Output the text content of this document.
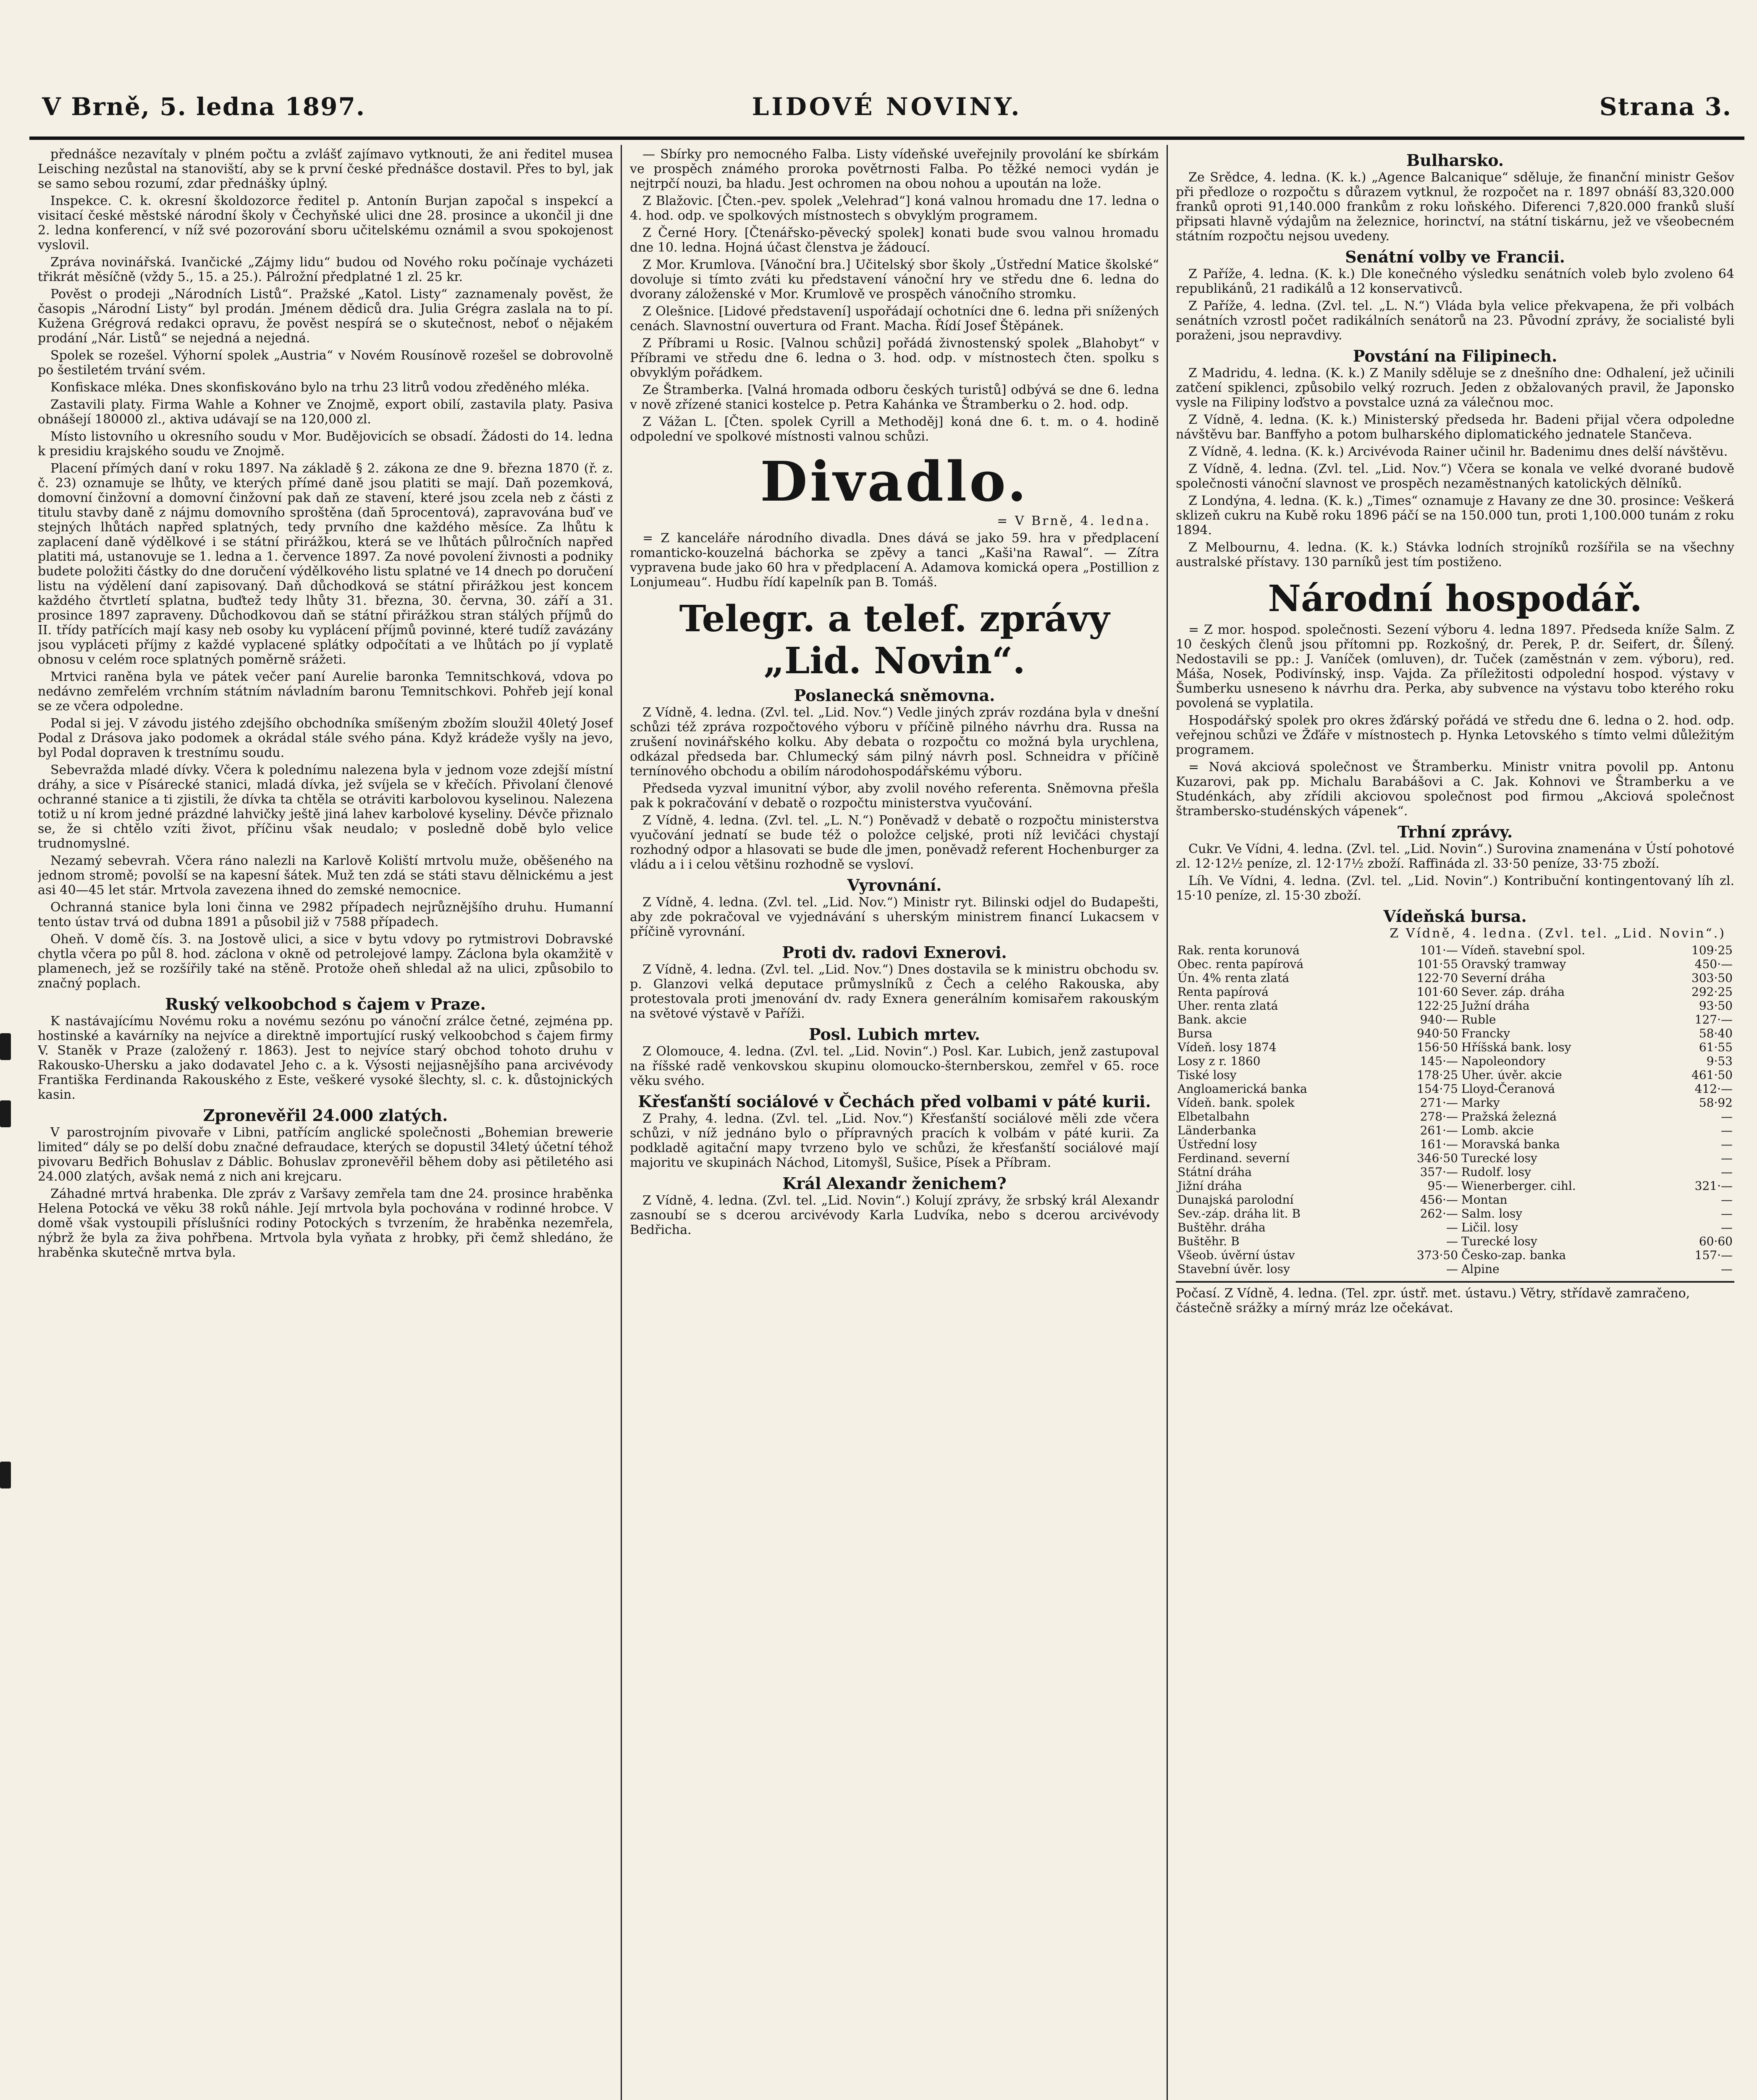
V Brně, 5. ledna 1897.	LIDOVÉ NOVINY.	Strana 3.

přednášce nezavítaly v plném počtu a zvlášť zajímavo vytknouti, že ani ředitel musea Leisching nezůstal na stanoviští, aby se k první české přednášce dostavil. Přes to byl, jak se samo sebou rozumí, zdar přednášky úplný.

Inspekce. C. k. okresní školdozorce ředitel p. Antonín Burjan započal s inspekcí a visitací české městské národní školy v Čechyňské ulici dne 28. prosince a ukončil ji dne 2. ledna konferencí, v níž své pozorování sboru učitelskému oznámil a svou spokojenost vyslovil.

Zpráva novinářská. Ivančické „Zájmy lidu“ budou od Nového roku počínaje vycházeti třikrát měsíčně (vždy 5., 15. a 25.). Pálrožní předplatné 1 zl. 25 kr.

Pověst o prodeji „Národních Listů“. Pražské „Katol. Listy“ zaznamenaly pověst, že časopis „Národní Listy“ byl prodán. Jménem dědiců dra. Julia Grégra zaslala na to pí. Kuženа Grégrová redakci opravu, že pověst nespírá se o skutečnost, neboť o nějakém prodání „Nár. Listů“ se nejedná a nejedná.

Spolek se rozešel. Výhorní spolek „Austria“ v Novém Rousínově rozešel se dobrovolně po šestiletém trvání svém.

Konfiskace mléka. Dnes skonfiskováno bylo na trhu 23 litrů vodou zředěného mléka.

Zastavili platy. Firma Wahle a Kohner ve Znojmě, export obilí, zastavila platy. Pasiva obnášejí 180000 zl., aktiva udávají se na 120,000 zl.

Místo listovního u okresního soudu v Mor. Budějovicích se obsadí. Žádosti do 14. ledna k presidiu krajského soudu ve Znojmě.

Placení přímých daní v roku 1897. Na základě § 2. zákona ze dne 9. března 1870 (ř. z. č. 23) oznamuje se lhůty, ve kterých přímé daně jsou platiti se mají. Daň pozemková, domovní činžovní a domovní činžovní pak daň ze stavení, které jsou zcela neb z části z titulu stavby daně z nájmu domovního sproštěna (daň 5procentová), zapravována buď ve stejných lhůtách napřed splatných, tedy prvního dne každého měsíce. Za lhůtu k zaplacení daně výdělkové i se státní přirážkou, která se ve lhůtách půlročních napřed platiti má, ustanovuje se 1. ledna a 1. července 1897. Za nové povolení živnosti a podniky budete položiti částky do dne doručení výdělkového listu splatné ve 14 dnech po doručení listu na výdělení daní zapisovaný. Daň důchodková se státní přirážkou jest koncem každého čtvrtletí splatna, buďtež tedy lhůty 31. března, 30. června, 30. září a 31. prosince 1897 zapraveny. Důchodkovou daň se státní přirážkou stran stálých příjmů do II. třídy patřících mají kasy neb osoby ku vyplácení příjmů povinné, které tudíž zavázány jsou vypláceti příjmy z každé vyplacené splátky odpočítati a ve lhůtách po jí vyplatě obnosu v celém roce splatných poměrně srážeti.

Mrtvici raněna byla ve pátek večer paní Aurelie baronka Temnitschková, vdova po nedávno zemřelém vrchním státním návladním baronu Temnitschkovi. Pohřeb její konal se ze včera odpoledne.

Podal si jej. V závodu jistého zdejšího obchodníka smíšeným zbožím sloužil 40letý Josef Podal z Drásova jako podomek a okrádal stále svého pána. Když krádeže vyšly na jevo, byl Podal dopraven k trestnímu soudu.

Sebevražda mladé dívky. Včera k polednímu nalezena byla v jednom voze zdejší místní dráhy, a sice v Písárecké stanici, mladá dívka, jež svíjela se v křečích. Přivolaní členové ochranné stanice a ti zjistili, že dívka ta chtěla se otráviti karbolovou kyselinou. Nalezena totiž u ní krom jedné prázdné lahvičky ještě jiná lahev karbolové kyseliny. Dévče přiznalo se, že si chtělo vzíti život, příčinu však neudalo; v posledně době bylo velice trudnomyslné.

Nezamý sebevrah. Včera ráno nalezli na Karlově Koliští mrtvolu muže, oběšeného na jednom stromě; povolší se na kapesní šátek. Muž ten zdá se státi stavu dělnickému a jest asi 40—45 let stár. Mrtvola zavezena ihned do zemské nemocnice.

Ochranná stanice byla loni činna ve 2982 případech nejrůznějšího druhu. Humanní tento ústav trvá od dubna 1891 a působil již v 7588 případech.

Oheň. V domě čís. 3. na Jostově ulici, a sice v bytu vdovy po rytmistrovi Dobravské chytla včera po půl 8. hod. záclona v okně od petrolejové lampy. Záclona byla okamžitě v plamenech, jež se rozšířily také na stěně. Protože oheň shledal až na ulici, způsobilo to značný poplach.

Ruský velkoobchod s čajem v Praze.

K nastávajícímu Novému roku a novému sezónu po vánoční zrálce četné, zejména pp. hostinské a kavárníky na nejvíce a direktně importující ruský velkoobchod s čajem firmy V. Staněk v Praze (založený r. 1863). Jest to nejvíce starý obchod tohoto druhu v Rakousko-Uhersku a jako dodavatel Jeho c. a k. Výsosti nejjasnějšího pana arcivévody Františka Ferdinanda Rakouského z Este, veškeré vysoké šlechty, sl. c. k. důstojnických kasin.

Zpronevěřil 24.000 zlatých.

V parostrojním pivovaře v Libni, patřícím anglické společnosti „Bohemian brewerie limited“ dály se po delší dobu značné defraudace, kterých se dopustil 34letý účetní téhož pivovaru Bedřich Bohuslav z Dáblic. Bohuslav zpronevěřil během doby asi pětiletého asi 24.000 zlatých, avšak nemá z nich ani krejcaru.

Záhadné mrtvá hrabenka. Dle zpráv z Varšavy zemřela tam dne 24. prosince hraběnka Helena Potocká ve věku 38 roků náhle. Její mrtvola byla pochována v rodinné hrobce. V domě však vystoupili příslušníci rodiny Potockých s tvrzením, že hraběnka nezemřela, nýbrž že byla za živa pohřbena. Mrtvola byla vyňata z hrobky, při čemž shledáno, že hraběnka skutečně mrtva byla.

— Sbírky pro nemocného Falba. Listy vídeňské uveřejnily provolání ke sbírkám ve prospěch známého proroka povětrnosti Falba. Po těžké nemoci vydán je nejtrpčí nouzi, ba hladu. Jest ochromen na obou nohou a upoután na lože.

Z Blažovic. [Čten.-pev. spolek „Velehrad“] koná valnou hromadu dne 17. ledna o 4. hod. odp. ve spolkových místnostech s obvyklým programem.

Z Černé Hory. [Čtenářsko-pěvecký spolek] konati bude svou valnou hromadu dne 10. ledna. Hojná účast členstva je žádoucí.

Z Mor. Krumlova. [Vánoční bra.] Učitelský sbor školy „Ústřední Matice školské“ dovoluje si tímto zváti ku představení vánoční hry ve středu dne 6. ledna do dvorany záloženské v Mor. Krumlově ve prospěch vánočního stromku.

Z Olešnice. [Lidové představení] uspořádají ochotníci dne 6. ledna při snížených cenách. Slavnostní ouvertura od Frant. Macha. Řídí Josef Štěpánek.

Z Příbrami u Rosic. [Valnou schůzi] pořádá živnostenský spolek „Blahobyt“ v Příbrami ve středu dne 6. ledna o 3. hod. odp. v místnostech čten. spolku s obvyklým pořádkem.

Ze Štramberka. [Valná hromada odboru českých turistů] odbývá se dne 6. ledna v nově zřízené stanici kostelce p. Petra Kahánka ve Štramberku o 2. hod. odp.

Z Vážan L. [Čten. spolek Cyrill a Methoděj] koná dne 6. t. m. o 4. hodině odpolední ve spolkové místnosti valnou schůzi.

Divadlo.
= V Brně, 4. ledna.

= Z kanceláře národního divadla. Dnes dává se jako 59. hra v předplacení romanticko-kouzelná báchorka se zpěvy a tanci „Kaši'na Rawal“. — Zítra vypravena bude jako 60 hra v předplacení A. Adamova komická opera „Postillion z Lonjumeau“. Hudbu řídí kapelník pan B. Tomáš.

Telegr. a telef. zprávy „Lid. Novin“.
Poslanecká sněmovna.

Z Vídně, 4. ledna. (Zvl. tel. „Lid. Nov.“) Vedle jiných zpráv rozdána byla v dnešní schůzi též zpráva rozpočtového výboru v příčině pilného návrhu dra. Russa na zrušení novinářského kolku. Aby debata o rozpočtu co možná byla urychlena, odkázal předseda bar. Chlumecký sám pilný návrh posl. Schneidra v příčině ternínového obchodu a obilím národohospodářskému výboru.

Předseda vyzval imunitní výbor, aby zvolil nového referenta. Sněmovna přešla pak k pokračování v debatě o rozpočtu ministerstva vyučování.

Z Vídně, 4. ledna. (Zvl. tel. „L. N.“) Poněvadž v debatě o rozpočtu ministerstva vyučování jednatí se bude též o položce celjské, proti níž levičáci chystají rozhodný odpor a hlasovati se bude dle jmen, poněvadž referent Hochenburger za vládu a i i celou většinu rozhodně se vysloví.

Vyrovnání.

Z Vídně, 4. ledna. (Zvl. tel. „Lid. Nov.“) Ministr ryt. Bilinski odjel do Budapešti, aby zde pokračoval ve vyjednávání s uherským ministrem financí Lukacsem v příčině vyrovnání.

Proti dv. radovi Exnerovi.

Z Vídně, 4. ledna. (Zvl. tel. „Lid. Nov.“) Dnes dostavila se k ministru obchodu sv. p. Glanzovi velká deputace průmyslníků z Čech a celého Rakouska, aby protestovala proti jmenování dv. rady Exnera generálním komisařem rakouským na světové výstavě v Paříži.

Posl. Lubich mrtev.

Z Olomouce, 4. ledna. (Zvl. tel. „Lid. Novin“.) Posl. Kar. Lubich, jenž zastupoval na říšské radě venkovskou skupinu olomoucko-šternberskou, zemřel v 65. roce věku svého.

Křesťanští sociálové v Čechách před volbami v páté kurii.

Z Prahy, 4. ledna. (Zvl. tel. „Lid. Nov.“) Křesťanští sociálové měli zde včera schůzi, v níž jednáno bylo o přípravných pracích k volbám v páté kurii. Za podkladě agitační mapy tvrzeno bylo ve schůzi, že křesťanští sociálové mají majoritu ve skupinách Náchod, Litomyšl, Sušice, Písek a Příbram.

Král Alexandr ženichem?

Z Vídně, 4. ledna. (Zvl. tel. „Lid. Novin“.) Kolují zprávy, že srbský král Alexandr zasnoubí se s dcerou arcivévody Karla Ludvíka, nebo s dcerou arcivévody Bedřicha.

Bulharsko.

Ze Srědce, 4. ledna. (K. k.) „Agence Balcanique“ sděluje, že finanční ministr Gešov při předloze o rozpočtu s důrazem vytknul, že rozpočet na r. 1897 obnáší 83,320.000 franků oproti 91,140.000 frankům z roku loňského. Diferenci 7,820.000 franků sluší připsati hlavně výdajům na železnice, horinctví, na státní tiskárnu, jež ve všeobecném státním rozpočtu nejsou uvedeny.

Senátní volby ve Francii.

Z Paříže, 4. ledna. (K. k.) Dle konečného výsledku senátních voleb bylo zvoleno 64 republikánů, 21 radikálů a 12 konservativců.

Z Paříže, 4. ledna. (Zvl. tel. „L. N.“) Vláda byla velice překvapena, že při volbách senátních vzrostl počet radikálních senátorů na 23. Původní zprávy, že socialisté byli poraženi, jsou nepravdivy.

Povstání na Filipinech.

Z Madridu, 4. ledna. (K. k.) Z Manily sděluje se z dnešního dne: Odhalení, jež učinili zatčení spiklenci, způsobilo velký rozruch. Jeden z obžalovaných pravil, že Japonsko vysle na Filipiny loďstvo a povstalce uzná za válečnou moc.

Z Vídně, 4. ledna. (K. k.) Ministerský předseda hr. Badeni přijal včera odpoledne návštěvu bar. Banffyho a potom bulharského diplomatického jednatele Stančeva.

Z Vídně, 4. ledna. (K. k.) Arcivévoda Rainer učinil hr. Badenimu dnes delší návštěvu.

Z Vídně, 4. ledna. (Zvl. tel. „Lid. Nov.“) Včera se konala ve velké dvorané budově společnosti vánoční slavnost ve prospěch nezaměstnaných katolických dělníků.

Z Londýna, 4. ledna. (K. k.) „Times“ oznamuje z Havany ze dne 30. prosince: Veškerá sklizeň cukru na Kubě roku 1896 páčí se na 150.000 tun, proti 1,100.000 tunám z roku 1894.

Z Melbournu, 4. ledna. (K. k.) Stávka lodních strojníků rozšířila se na všechny australské přístavy. 130 parníků jest tím postiženo.

Národní hospodář.

= Z mor. hospod. společnosti. Sezení výboru 4. ledna 1897. Předseda kníže Salm. Z 10 českých členů jsou přítomni pp. Rozkošný, dr. Perek, P. dr. Seifert, dr. Šílený. Nedostavili se pp.: J. Vaníček (omluven), dr. Tuček (zaměstnán v zem. výboru), red. Máša, Nosek, Podivínský, insp. Vajda. Za příležitosti odpolední hospod. výstavy v Šumberku usneseno k návrhu dra. Perka, aby subvence na výstavu tobo kterého roku povolená se vyplatila.

Hospodářský spolek pro okres žďárský pořádá ve středu dne 6. ledna o 2. hod. odp. veřejnou schůzi ve Žďáře v místnostech p. Hynka Letovského s tímto velmi důležitým programem.

= Nová akciová společnost ve Štramberku. Ministr vnitra povolil pp. Antonu Kuzarovi, pak pp. Michalu Barabášovi a C. Jak. Kohnovi ve Štramberku a ve Studénkách, aby zřídili akciovou společnost pod firmou „Akciová společnost štrambersko-studénských vápenek“.

Trhní zprávy.

Cukr. Ve Vídni, 4. ledna. (Zvl. tel. „Lid. Novin“.) Surovina znamenána v Ústí pohotové zl. 12·12½ peníze, zl. 12·17½ zboží. Raffináda zl. 33·50 peníze, 33·75 zboží.

Líh. Ve Vídni, 4. ledna. (Zvl. tel. „Lid. Novin“.) Kontribuční kontingentovaný líh zl. 15·10 peníze, zl. 15·30 zboží.

Vídeňská bursa.
Z Vídně, 4. ledna. (Zvl. tel. „Lid. Novin“.)
Rak. renta korunová	101·—	Vídeň. stavební spol.	109·25
Obec. renta papírová	101·55	Oravský tramway	450·—
Ún. 4% renta zlatá	122·70	Severní dráha	303·50
Renta papírová	101·60	Sever. záp. dráha	292·25
Uher. renta zlatá	122·25	Južní dráha	93·50
Bank. akcie	940·—	Ruble	127·—
Bursa	940·50	Francky	58·40
Vídeň. losy 1874	156·50	Hříšská bank. losy	61·55
Losy z r. 1860	145·—	Napoleondory	9·53
Tiské losy	178·25	Uher. úvěr. akcie	461·50
Angloamerická banka	154·75	Lloyd-Čeranová	412·—
Vídeň. bank. spolek	271·—	Marky	58·92
Elbetalbahn	278·—	Pražská železná	—
Länderbanka	261·—	Lomb. akcie	—
Ústřední losy	161·—	Moravská banka	—
Ferdinand. severní	346·50	Turecké losy	—
Státní dráha	357·—	Rudolf. losy	—
Jižní dráha	95·—	Wienerberger. cihl.	321·—
Dunajská parolodní	456·—	Montan	—
Sev.-záp. dráha lit. B	262·—	Salm. losy	—
Buštěhr. dráha	—	Ličil. losy	—
Buštěhr. B	—	Turecké losy	60·60
Všeob. úvěrní ústav	373·50	Česko-zap. banka	157·—
Stavební úvěr. losy	—	Alpine	—
Počasí. Z Vídně, 4. ledna. (Tel. zpr. ústř. met. ústavu.) Větry, střídavě zamračeno, částečně srážky a mírný mráz lze očekávat.
